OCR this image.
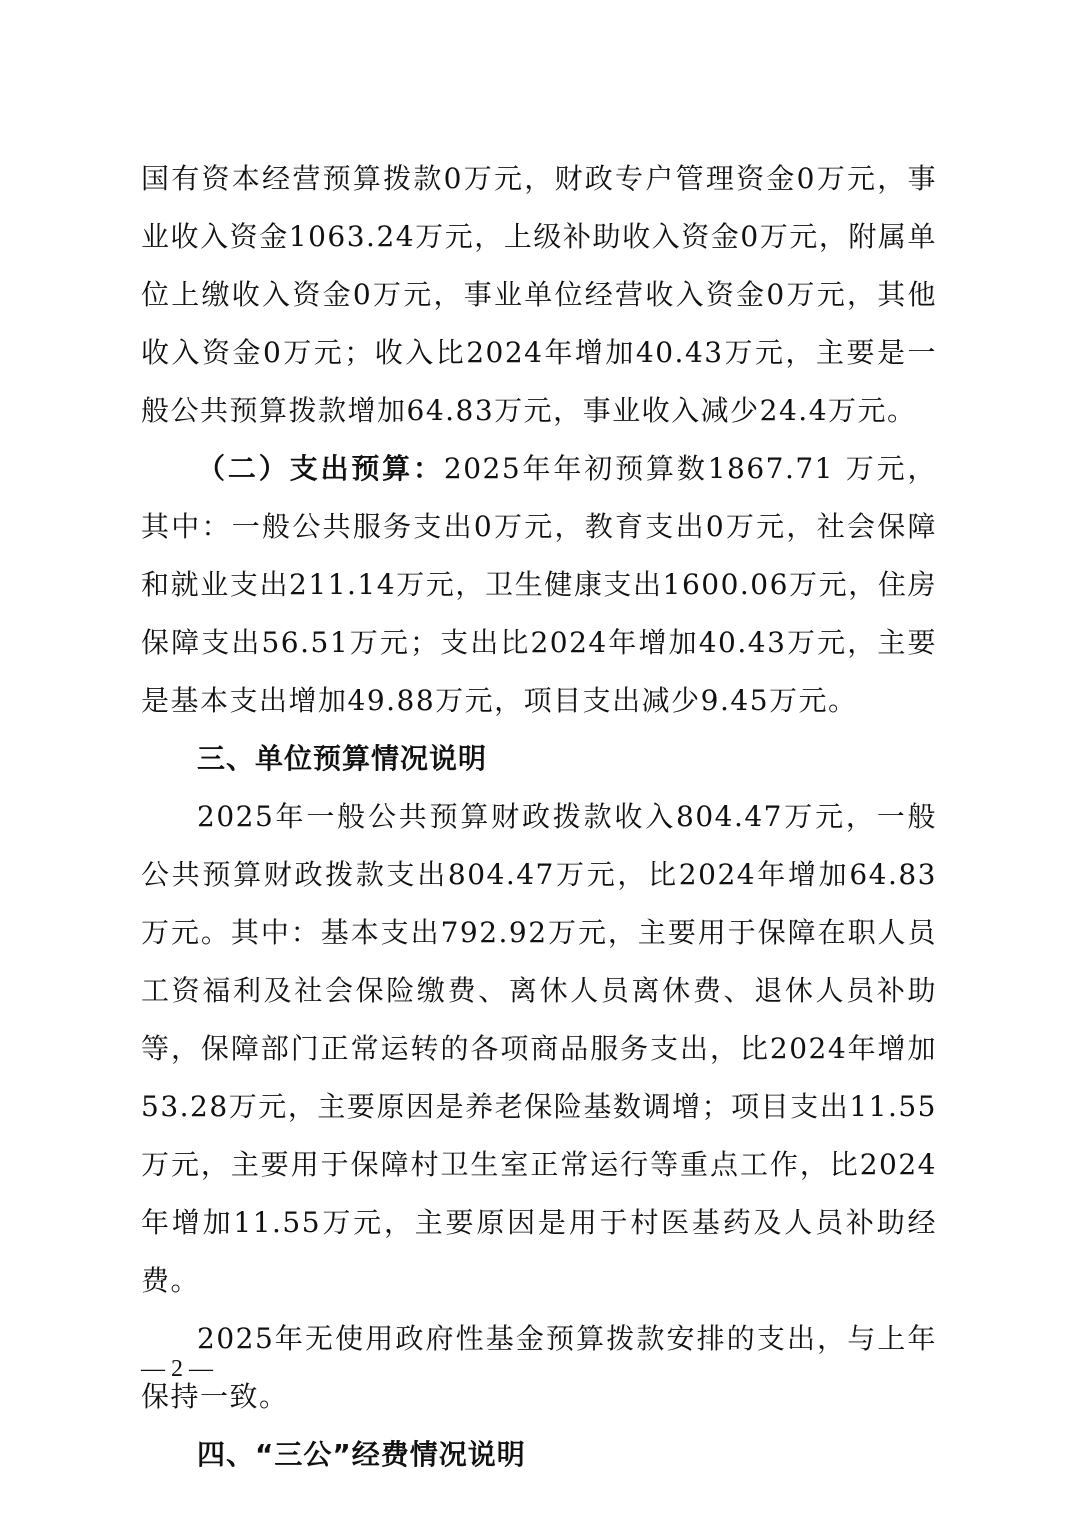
国有资本经营预算拨款0万元，财政专户管理资金0万元，事业收入资金1063.24万元，上级补助收入资金0万元，附属单位上缴收入资金0万元，事业单位经营收入资金0万元，其他收入资金0万元；收入比2024年增加40.43万元，主要是一般公共预算拨款增加64.83万元，事业收入减少24.4万元。

（二）支出预算：2025年年初预算数1867.71 万元，其中：一般公共服务支出0万元，教育支出0万元，社会保障和就业支出211.14万元，卫生健康支出1600.06万元，住房保障支出56.51万元；支出比2024年增加40.43万元，主要是基本支出增加49.88万元，项目支出减少9.45万元。

三、单位预算情况说明

2025年一般公共预算财政拨款收入804.47万元，一般公共预算财政拨款支出804.47万元，比2024年增加64.83万元。其中：基本支出792.92万元，主要用于保障在职人员工资福利及社会保险缴费、离休人员离休费、退休人员补助等，保障部门正常运转的各项商品服务支出，比2024年增加53.28万元，主要原因是养老保险基数调增；项目支出11.55万元，主要用于保障村卫生室正常运行等重点工作，比2024年增加11.55万元，主要原因是用于村医基药及人员补助经费。

2025年无使用政府性基金预算拨款安排的支出，与上年保持一致。

四、“三公”经费情况说明

— 2 —
